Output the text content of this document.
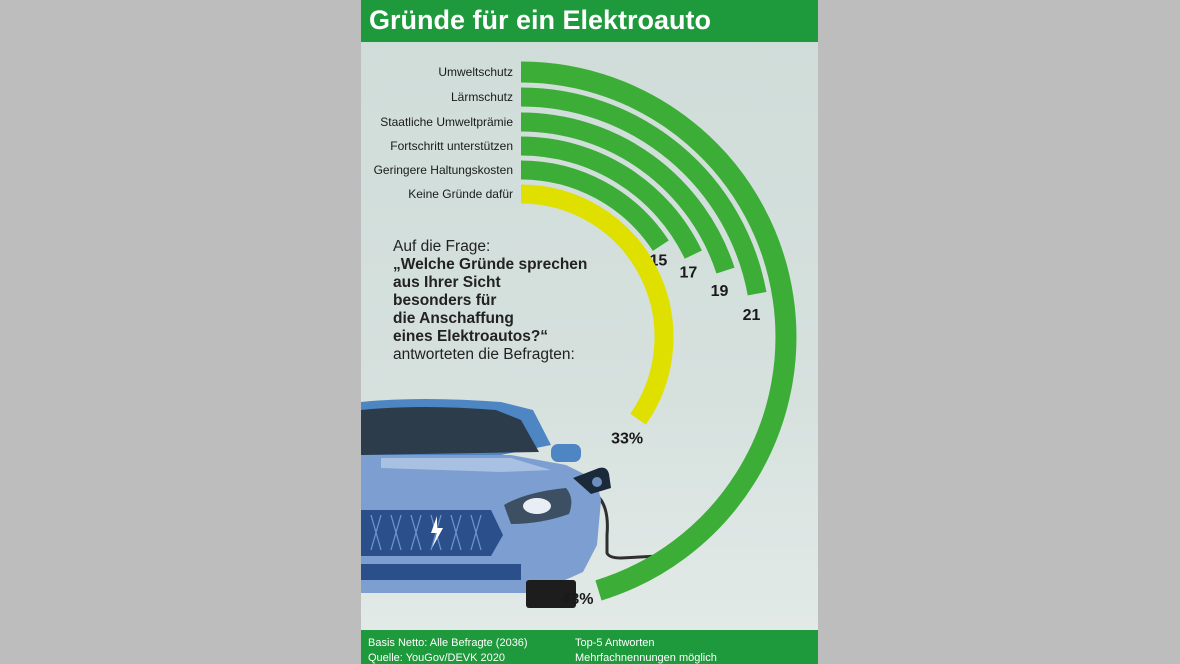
Gründe für ein Elektroauto
Umweltschutz
43%
Lärmschutz
21
Staatliche Umweltprämie
19
Fortschritt unterstützen
17
Geringere Haltungskosten
15
Keine Gründe dafür
33%
Auf die Frage:
„Welche Gründe sprechen
aus Ihrer Sicht
besonders für
die Anschaffung
eines Elektroautos?“
antworteten die Befragten:
Basis Netto: Alle Befragte (2036)
Quelle: YouGov/DEVK 2020
Top-5 Antworten
Mehrfachnennungen möglich
